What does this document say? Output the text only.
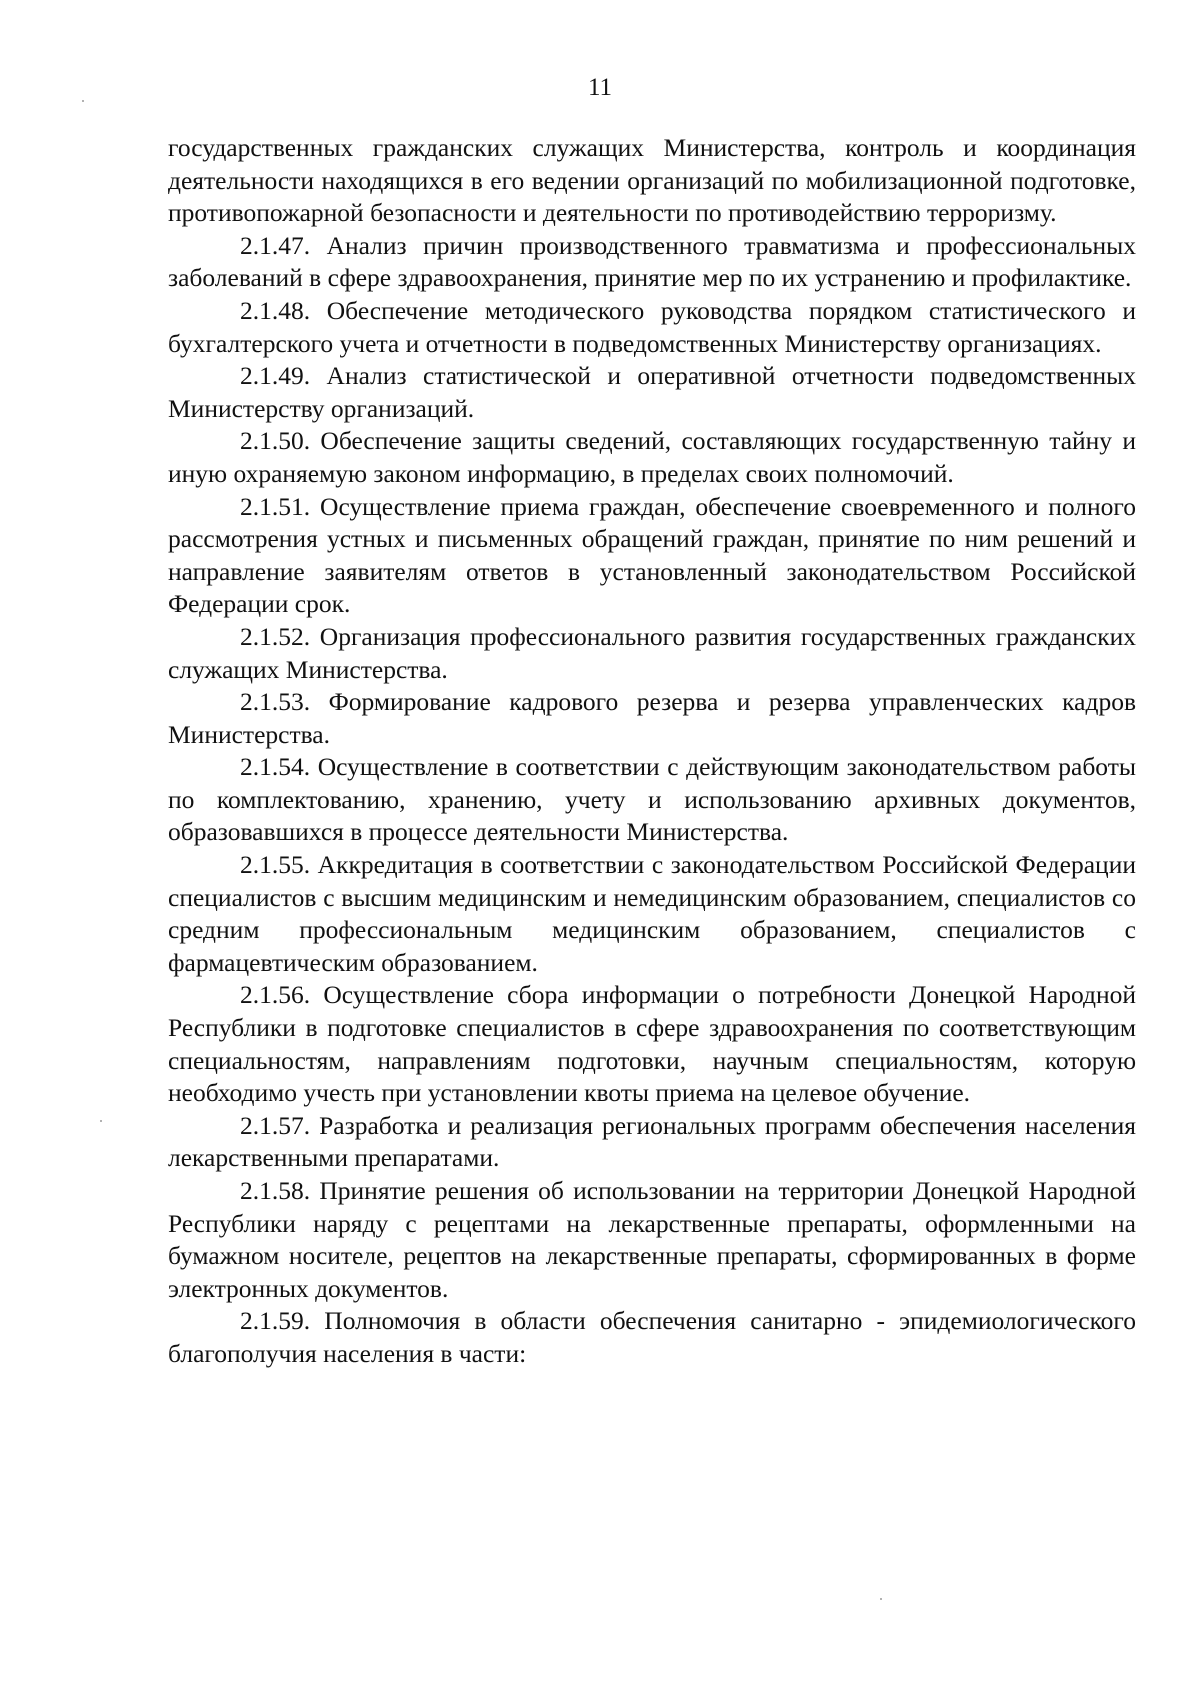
11

государственных гражданских служащих Министерства, контроль и координация деятельности находящихся в его ведении организаций по мобилизационной подготовке, противопожарной безопасности и деятельности по противодействию терроризму.

2.1.47. Анализ причин производственного травматизма и профессиональных заболеваний в сфере здравоохранения, принятие мер по их устранению и профилактике.

2.1.48. Обеспечение методического руководства порядком статистического и бухгалтерского учета и отчетности в подведомственных Министерству организациях.

2.1.49. Анализ статистической и оперативной отчетности подведомственных Министерству организаций.

2.1.50. Обеспечение защиты сведений, составляющих государственную тайну и иную охраняемую законом информацию, в пределах своих полномочий.

2.1.51. Осуществление приема граждан, обеспечение своевременного и полного рассмотрения устных и письменных обращений граждан, принятие по ним решений и направление заявителям ответов в установленный законодательством Российской Федерации срок.

2.1.52. Организация профессионального развития государственных гражданских служащих Министерства.

2.1.53. Формирование кадрового резерва и резерва управленческих кадров Министерства.

2.1.54. Осуществление в соответствии с действующим законодательством работы по комплектованию, хранению, учету и использованию архивных документов, образовавшихся в процессе деятельности Министерства.

2.1.55. Аккредитация в соответствии с законодательством Российской Федерации специалистов с высшим медицинским и немедицинским образованием, специалистов со средним профессиональным медицинским образованием, специалистов с фармацевтическим образованием.

2.1.56. Осуществление сбора информации о потребности Донецкой Народной Республики в подготовке специалистов в сфере здравоохранения по соответствующим специальностям, направлениям подготовки, научным специальностям, которую необходимо учесть при установлении квоты приема на целевое обучение.

2.1.57. Разработка и реализация региональных программ обеспечения населения лекарственными препаратами.

2.1.58. Принятие решения об использовании на территории Донецкой Народной Республики наряду с рецептами на лекарственные препараты, оформленными на бумажном носителе, рецептов на лекарственные препараты, сформированных в форме электронных документов.

2.1.59. Полномочия в области обеспечения санитарно - эпидемиологического благополучия населения в части:
